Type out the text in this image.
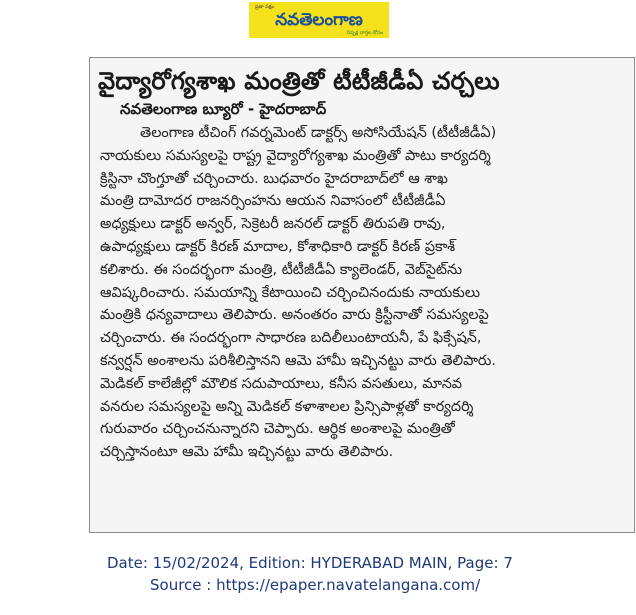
ప్రజా పక్షం
నవతెలంగాణ
నిష్పక్ష వార్తల కోసం
వైద్యారోగ్యశాఖ మంత్రితో టీటీజీడీఏ చర్చలు
నవతెలంగాణ బ్యూరో - హైదరాబాద్
తెలంగాణ టీచింగ్ గవర్నమెంట్ డాక్టర్స్ అసోసియేషన్ (టీటీజీడీఏ)
నాయకులు సమస్యలపై రాష్ట్ర వైద్యారోగ్యశాఖ మంత్రితో పాటు కార్యదర్శి
క్రిస్టినా చొంగ్తూతో చర్చించారు. బుధవారం హైదరాబాద్‌లో ఆ శాఖ
మంత్రి దామోదర రాజనర్సింహను ఆయన నివాసంలో టీటీజీడీఏ
అధ్యక్షులు డాక్టర్ అన్వర్, సెక్రెటరీ జనరల్ డాక్టర్ తిరుపతి రావు,
ఉపాధ్యక్షులు డాక్టర్ కిరణ్ మాదాల, కోశాధికారి డాక్టర్ కిరణ్ ప్రకాశ్
కలిశారు. ఈ సందర్భంగా మంత్రి, టీటీజీడీఏ క్యాలెండర్, వెబ్‌సైట్‌ను
ఆవిష్కరించారు. సమయాన్ని కేటాయించి చర్చించినందుకు నాయకులు
మంత్రికి ధన్యవాదాలు తెలిపారు. అనంతరం వారు క్రిస్టీనాతో సమస్యలపై
చర్చించారు. ఈ సందర్భంగా సాధారణ బదిలీలుంటాయనీ, పే ఫిక్సేషన్,
కన్వర్షన్ అంశాలను పరిశీలిస్తానని ఆమె హామీ ఇచ్చినట్టు వారు తెలిపారు.
మెడికల్ కాలేజీల్లో మౌలిక సదుపాయాలు, కనీస వసతులు, మానవ
వనరుల సమస్యలపై అన్ని మెడికల్ కళాశాలల ప్రిన్సిపాళ్లతో కార్యదర్శి
గురువారం చర్చించనున్నారని చెప్పారు. ఆర్థిక అంశాలపై మంత్రితో
చర్చిస్తానంటూ ఆమె హామీ ఇచ్చినట్టు వారు తెలిపారు.
Date: 15/02/2024, Edition: HYDERABAD MAIN, Page: 7
Source : https://epaper.navatelangana.com/
